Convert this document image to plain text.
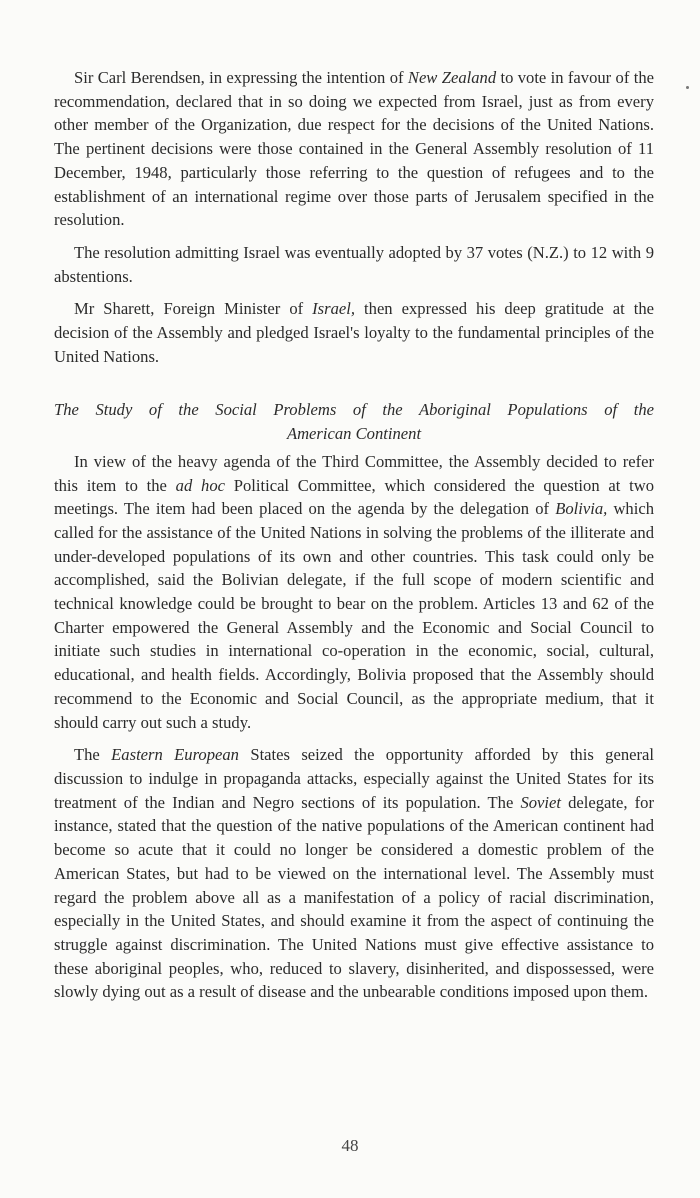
Sir Carl Berendsen, in expressing the intention of New Zealand to vote in favour of the recommendation, declared that in so doing we expected from Israel, just as from every other member of the Organization, due respect for the decisions of the United Nations. The pertinent decisions were those contained in the General Assembly resolution of 11 December, 1948, particularly those referring to the question of refugees and to the establishment of an international regime over those parts of Jerusalem specified in the resolution.

The resolution admitting Israel was eventually adopted by 37 votes (N.Z.) to 12 with 9 abstentions.

Mr Sharett, Foreign Minister of Israel, then expressed his deep gratitude at the decision of the Assembly and pledged Israel's loyalty to the fundamental principles of the United Nations.

The Study of the Social Problems of the Aboriginal Populations of the
American Continent

In view of the heavy agenda of the Third Committee, the Assembly decided to refer this item to the ad hoc Political Committee, which considered the question at two meetings. The item had been placed on the agenda by the delegation of Bolivia, which called for the assistance of the United Nations in solving the problems of the illiterate and under-developed populations of its own and other countries. This task could only be accomplished, said the Bolivian delegate, if the full scope of modern scientific and technical knowledge could be brought to bear on the problem. Articles 13 and 62 of the Charter empowered the General Assembly and the Economic and Social Council to initiate such studies in international co-operation in the economic, social, cultural, educational, and health fields. Accordingly, Bolivia proposed that the Assembly should recommend to the Economic and Social Council, as the appropriate medium, that it should carry out such a study.

The Eastern European States seized the opportunity afforded by this general discussion to indulge in propaganda attacks, especially against the United States for its treatment of the Indian and Negro sections of its population. The Soviet delegate, for instance, stated that the question of the native populations of the American continent had become so acute that it could no longer be considered a domestic problem of the American States, but had to be viewed on the international level. The Assembly must regard the problem above all as a manifestation of a policy of racial discrimination, especially in the United States, and should examine it from the aspect of continuing the struggle against discrimination. The United Nations must give effective assistance to these aboriginal peoples, who, reduced to slavery, disinherited, and dispossessed, were slowly dying out as a result of disease and the unbearable conditions imposed upon them.

48
